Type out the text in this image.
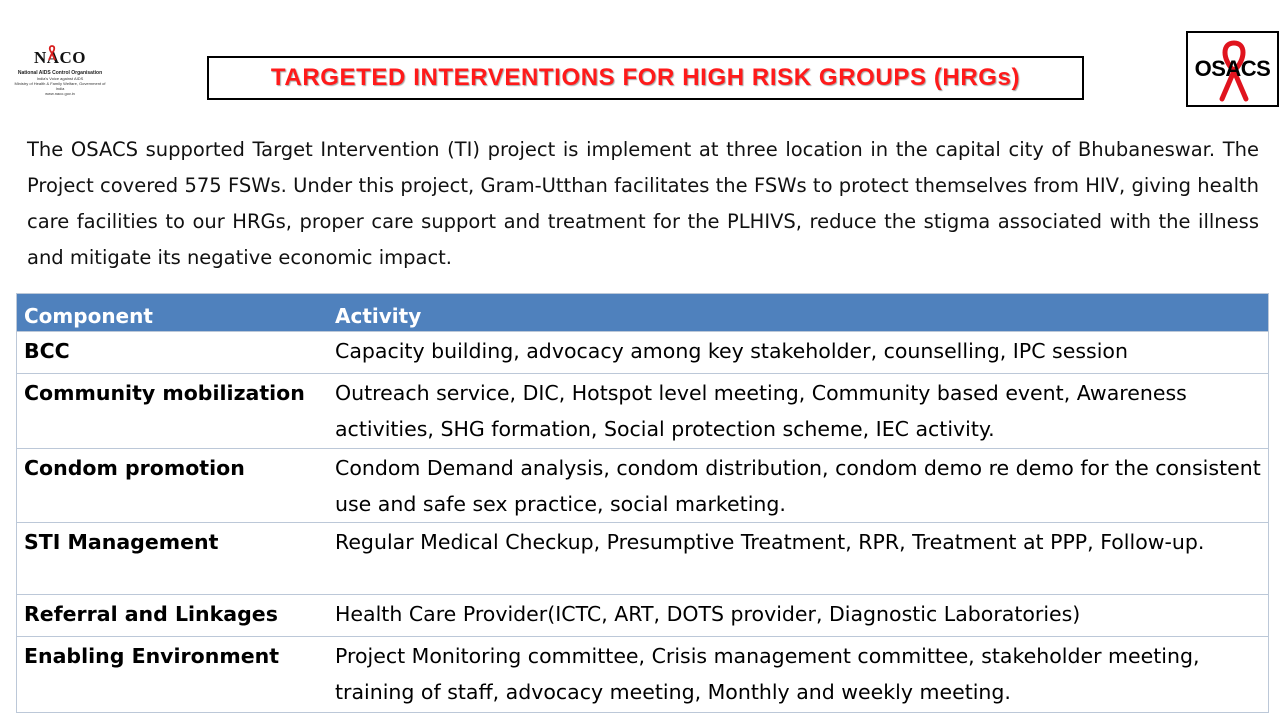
NACO
National AIDS Control Organisation
India's Voice against AIDS
Ministry of Health & Family Welfare, Government of India
www.naco.gov.in
TARGETED INTERVENTIONS FOR HIGH RISK GROUPS (HRGs)	OSACS

The OSACS supported Target Intervention (TI) project is implement at three location in the capital city of Bhubaneswar. The Project covered 575 FSWs. Under this project, Gram-Utthan facilitates the FSWs to protect themselves from HIV, giving health care facilities to our HRGs, proper care support and treatment for the PLHIVS, reduce the stigma associated with the illness and mitigate its negative economic impact.

Component	Activity
BCC	Capacity building, advocacy among key stakeholder, counselling, IPC session
Community mobilization	Outreach service, DIC, Hotspot level meeting, Community based event, Awareness activities, SHG formation, Social protection scheme, IEC activity.
Condom promotion	Condom Demand analysis, condom distribution, condom demo re demo for the consistent use and safe sex practice, social marketing.
STI Management	Regular Medical Checkup, Presumptive Treatment, RPR, Treatment at PPP, Follow-up.
Referral and Linkages	Health Care Provider(ICTC, ART, DOTS provider, Diagnostic Laboratories)
Enabling Environment	Project Monitoring committee, Crisis management committee, stakeholder meeting, training of staff, advocacy meeting, Monthly and weekly meeting.
